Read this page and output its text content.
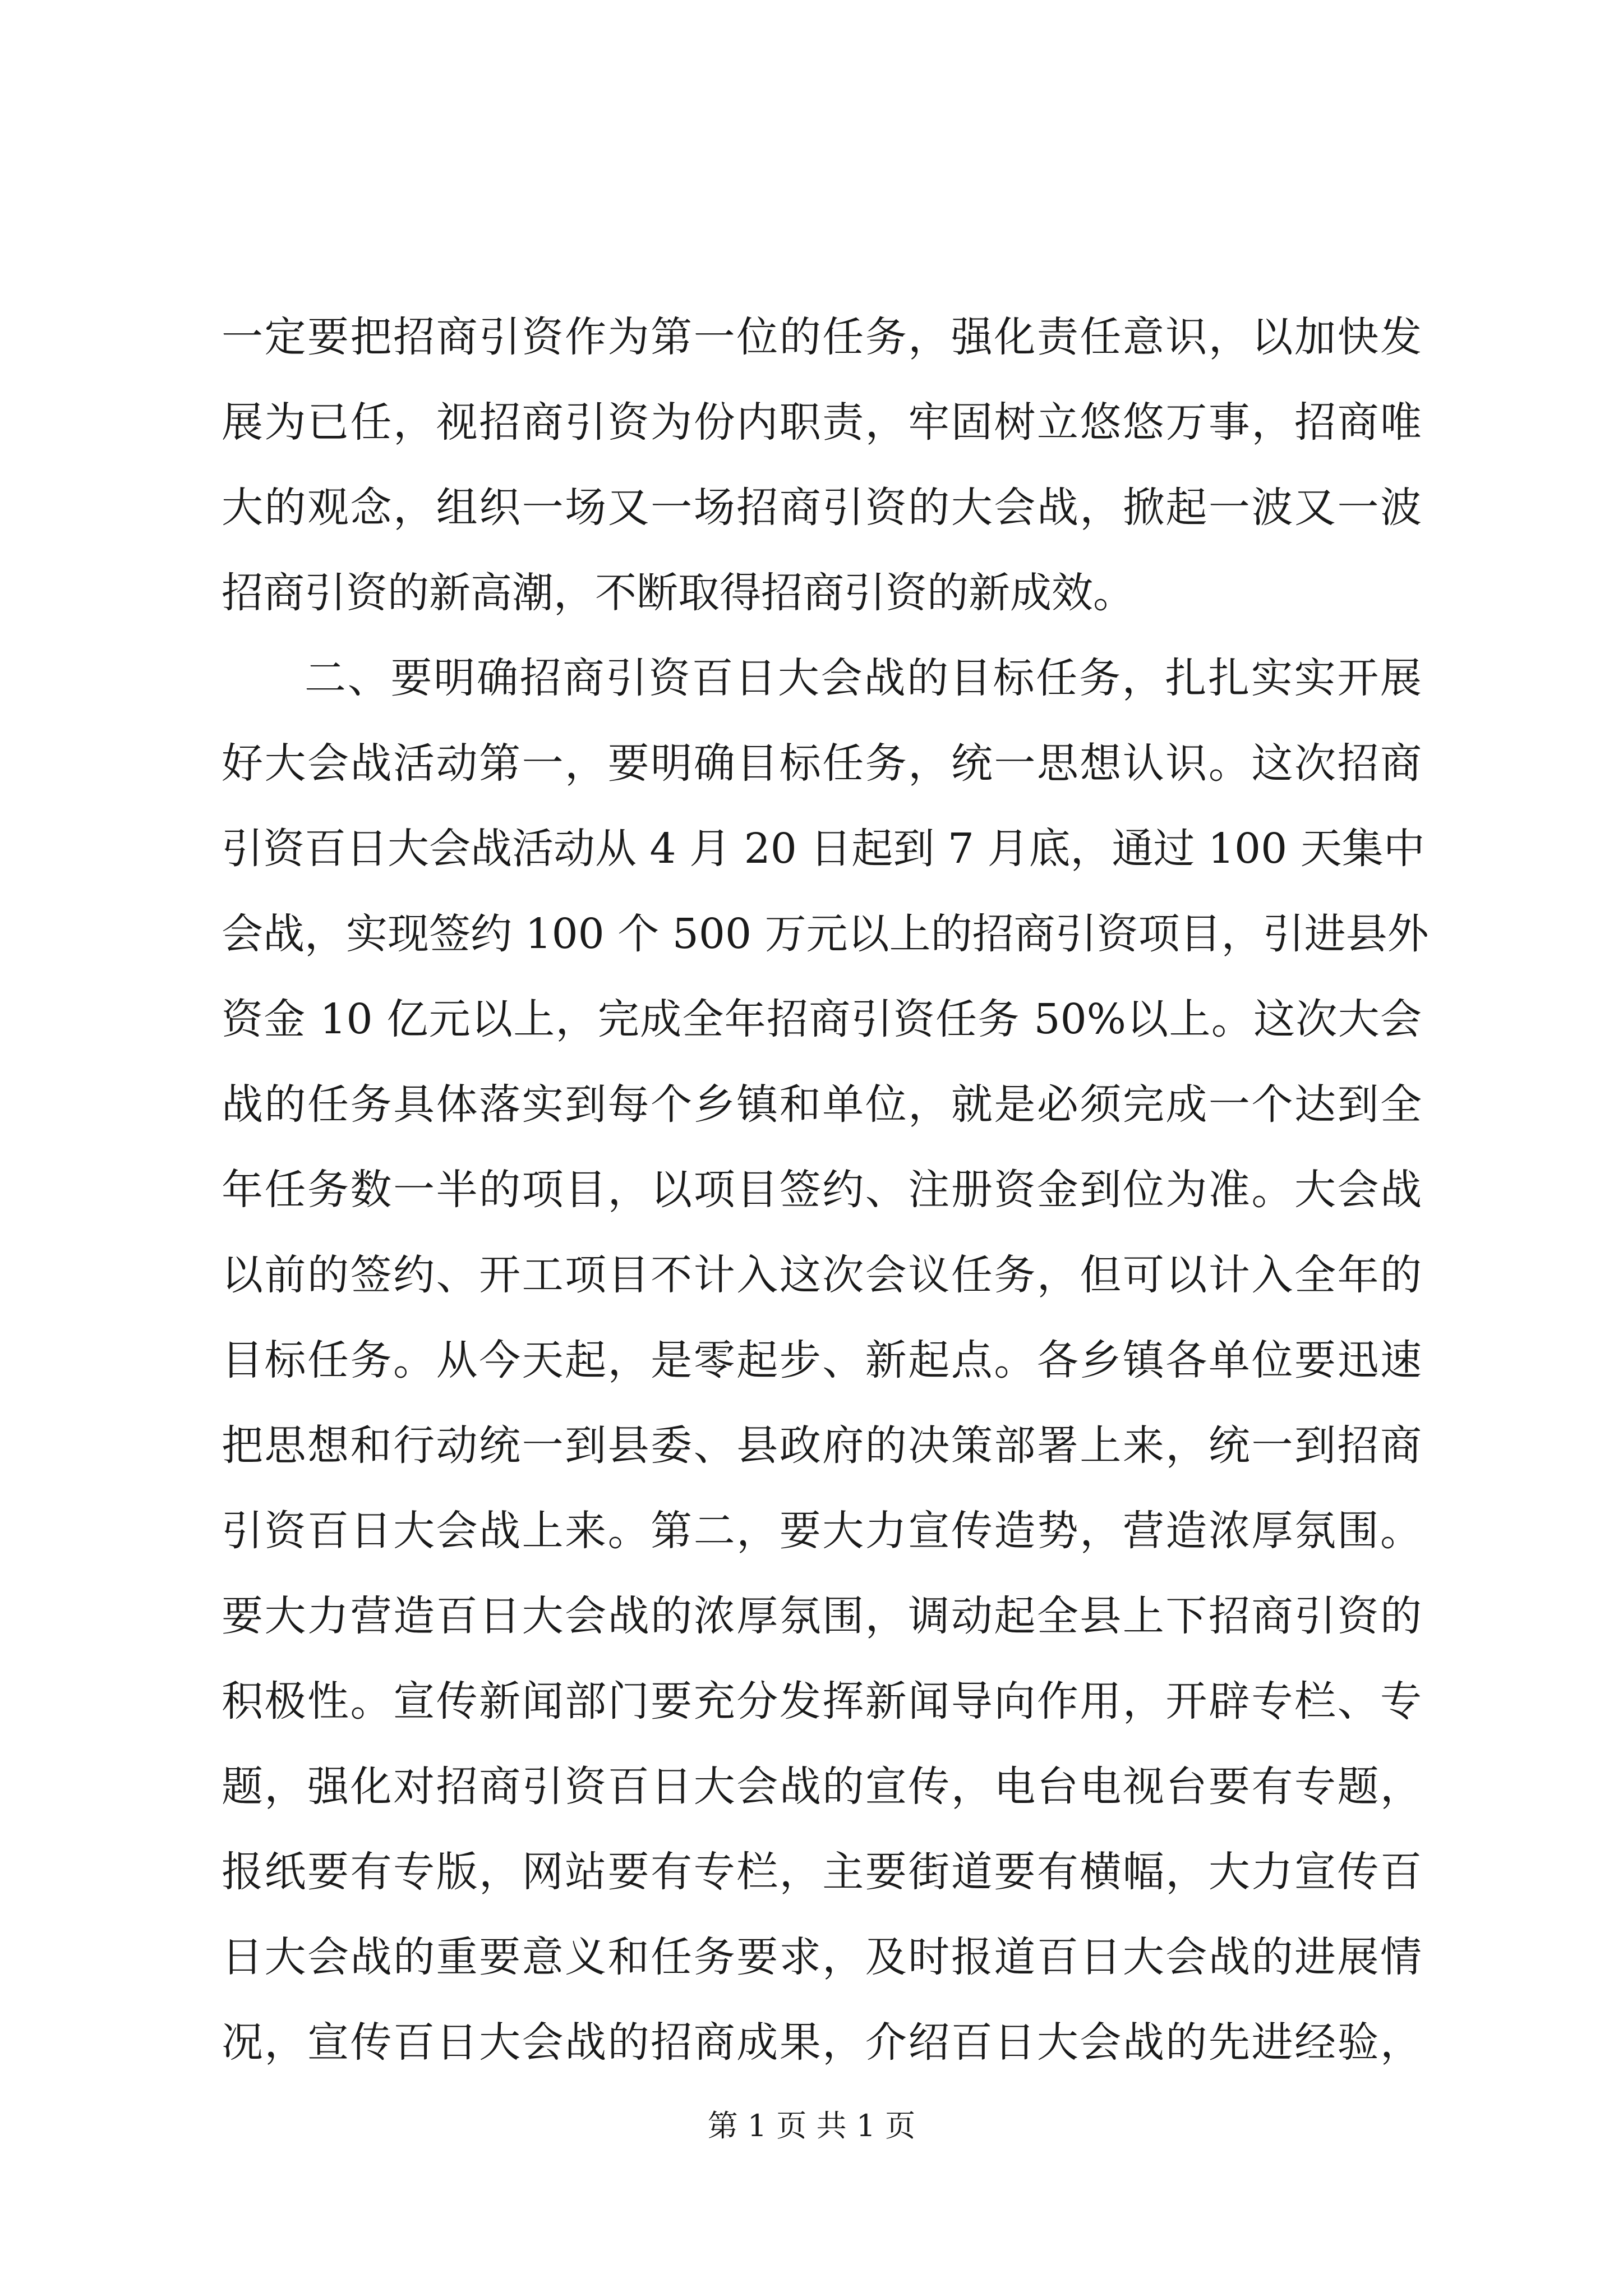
一定要把招商引资作为第一位的任务，强化责任意识，以加快发
展为已任，视招商引资为份内职责，牢固树立悠悠万事，招商唯
大的观念，组织一场又一场招商引资的大会战，掀起一波又一波
招商引资的新高潮，不断取得招商引资的新成效。
二、要明确招商引资百日大会战的目标任务，扎扎实实开展
好大会战活动第一，要明确目标任务，统一思想认识。这次招商
引资百日大会战活动从 4 月 20 日起到 7 月底，通过 100 天集中
会战，实现签约 100 个 500 万元以上的招商引资项目，引进县外
资金 10 亿元以上，完成全年招商引资任务 50%以上。这次大会
战的任务具体落实到每个乡镇和单位，就是必须完成一个达到全
年任务数一半的项目，以项目签约、注册资金到位为准。大会战
以前的签约、开工项目不计入这次会议任务，但可以计入全年的
目标任务。从今天起，是零起步、新起点。各乡镇各单位要迅速
把思想和行动统一到县委、县政府的决策部署上来，统一到招商
引资百日大会战上来。第二，要大力宣传造势，营造浓厚氛围。
要大力营造百日大会战的浓厚氛围，调动起全县上下招商引资的
积极性。宣传新闻部门要充分发挥新闻导向作用，开辟专栏、专
题，强化对招商引资百日大会战的宣传，电台电视台要有专题，
报纸要有专版，网站要有专栏，主要街道要有横幅，大力宣传百
日大会战的重要意义和任务要求，及时报道百日大会战的进展情
况，宣传百日大会战的招商成果，介绍百日大会战的先进经验，
第 1 页 共 1 页
